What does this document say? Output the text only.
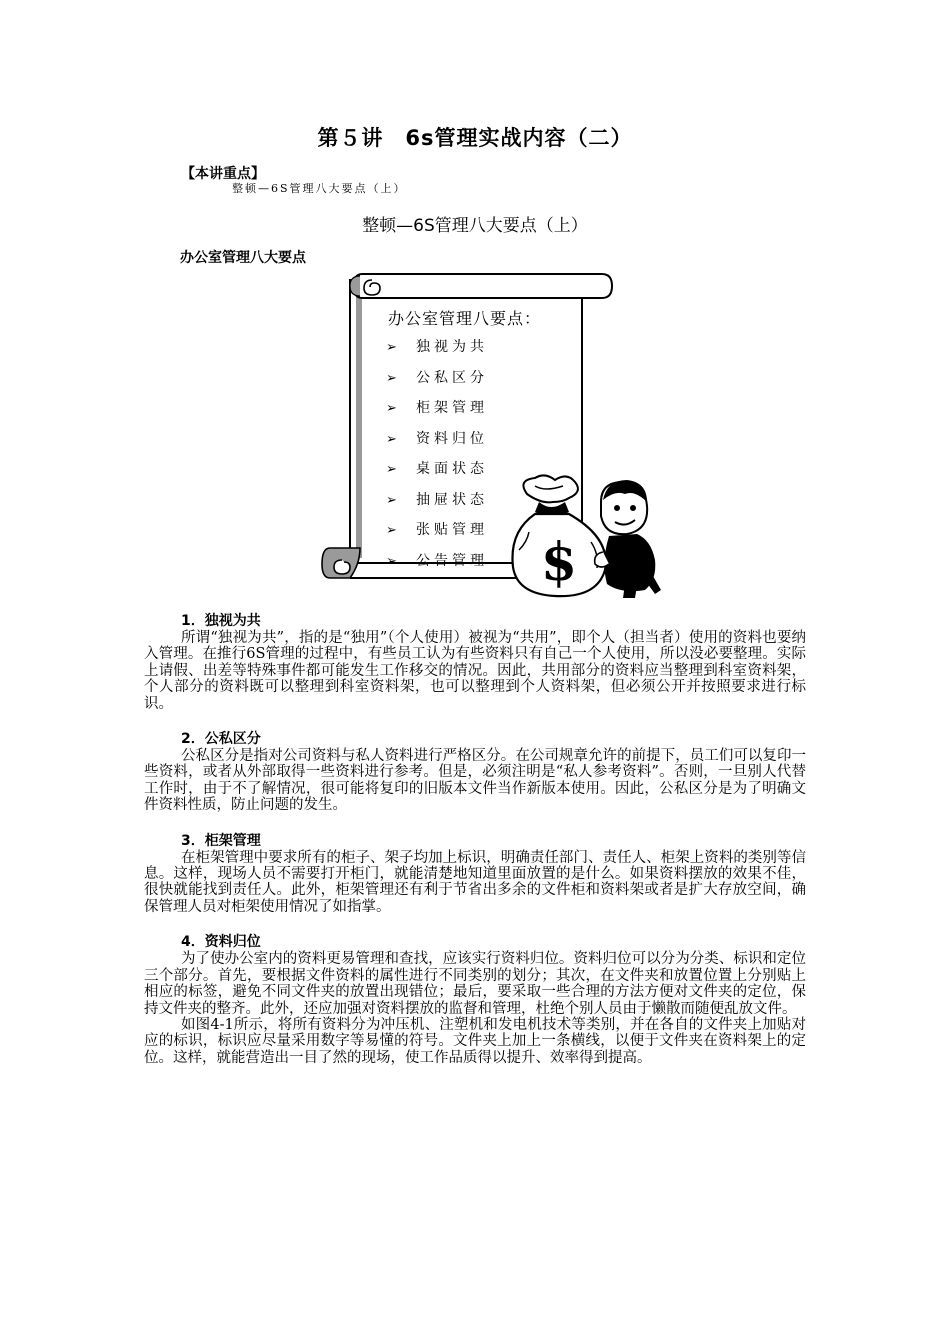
第５讲　6s管理实战内容（二）
【本讲重点】
整顿—6S管理八大要点（上）
整顿—6S管理八大要点（上）
办公室管理八大要点
办公室管理八要点：
➢ 独视为共
➢ 公私区分
➢ 柜架管理
➢ 资料归位
➢ 桌面状态
➢ 抽屉状态
➢ 张贴管理
➢ 公告管理 $
1．独视为共

所谓“独视为共”，指的是“独用”（个人使用）被视为“共用”，即个人（担当者）使用的资料也要纳入管理。在推行6S管理的过程中，有些员工认为有些资料只有自己一个人使用，所以没必要整理。实际上请假、出差等特殊事件都可能发生工作移交的情况。因此，共用部分的资料应当整理到科室资料架，个人部分的资料既可以整理到科室资料架，也可以整理到个人资料架，但必须公开并按照要求进行标识。

2．公私区分

公私区分是指对公司资料与私人资料进行严格区分。在公司规章允许的前提下，员工们可以复印一些资料，或者从外部取得一些资料进行参考。但是，必须注明是“私人参考资料”。否则，一旦别人代替工作时，由于不了解情况，很可能将复印的旧版本文件当作新版本使用。因此，公私区分是为了明确文件资料性质，防止问题的发生。

3．柜架管理

在柜架管理中要求所有的柜子、架子均加上标识，明确责任部门、责任人、柜架上资料的类别等信息。这样，现场人员不需要打开柜门，就能清楚地知道里面放置的是什么。如果资料摆放的效果不佳，很快就能找到责任人。此外，柜架管理还有利于节省出多余的文件柜和资料架或者是扩大存放空间，确保管理人员对柜架使用情况了如指掌。

4．资料归位

为了使办公室内的资料更易管理和查找，应该实行资料归位。资料归位可以分为分类、标识和定位三个部分。首先，要根据文件资料的属性进行不同类别的划分；其次，在文件夹和放置位置上分别贴上相应的标签，避免不同文件夹的放置出现错位；最后，要采取一些合理的方法方便对文件夹的定位，保持文件夹的整齐。此外，还应加强对资料摆放的监督和管理，杜绝个别人员由于懒散而随便乱放文件。

如图4-1所示，将所有资料分为冲压机、注塑机和发电机技术等类别，并在各自的文件夹上加贴对应的标识，标识应尽量采用数字等易懂的符号。文件夹上加上一条横线，以便于文件夹在资料架上的定位。这样，就能营造出一目了然的现场，使工作品质得以提升、效率得到提高。
